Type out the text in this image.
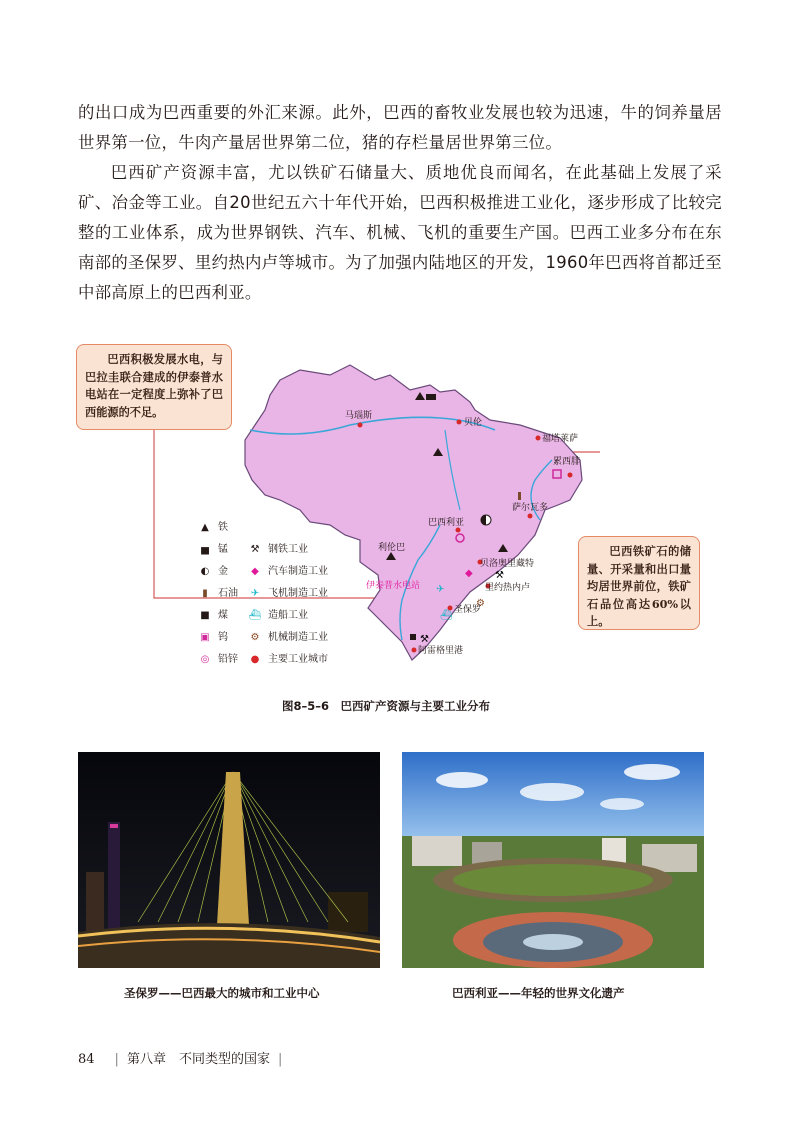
的出口成为巴西重要的外汇来源。此外，巴西的畜牧业发展也较为迅速，牛的饲养量居世界第一位，牛肉产量居世界第二位，猪的存栏量居世界第三位。

巴西矿产资源丰富，尤以铁矿石储量大、质地优良而闻名，在此基础上发展了采矿、冶金等工业。自20世纪五六十年代开始，巴西积极推进工业化，逐步形成了比较完整的工业体系，成为世界钢铁、汽车、机械、飞机的重要生产国。巴西工业多分布在东南部的圣保罗、里约热内卢等城市。为了加强内陆地区的开发，1960年巴西将首都迁至中部高原上的巴西利亚。

⚒
⚒
◆
✈
⛴
⚙
马瑙斯
贝伦
福塔莱萨
累西腓
萨尔瓦多
巴西利亚
利伦巴
贝洛奥里藏特
里约热内卢
圣保罗
阿雷格里港
伊泰普水电站
巴西积极发展水电，与巴拉圭联合建成的伊泰普水电站在一定程度上弥补了巴西能源的不足。
巴西铁矿石的储量、开采量和出口量均居世界前位，铁矿石品位高达60%以上。
▲ 铁
▅ 锰
◐ 金
▮ 石油
■ 煤
▣ 钨
◎ 铅锌
⚒ 钢铁工业
◆ 汽车制造工业
✈ 飞机制造工业
⛴ 造船工业
⚙ 机械制造工业
● 主要工业城市
图8–5–6　巴西矿产资源与主要工业分布
圣保罗——巴西最大的城市和工业中心	巴西利亚——年轻的世界文化遗产
84 | 第八章　不同类型的国家 |
